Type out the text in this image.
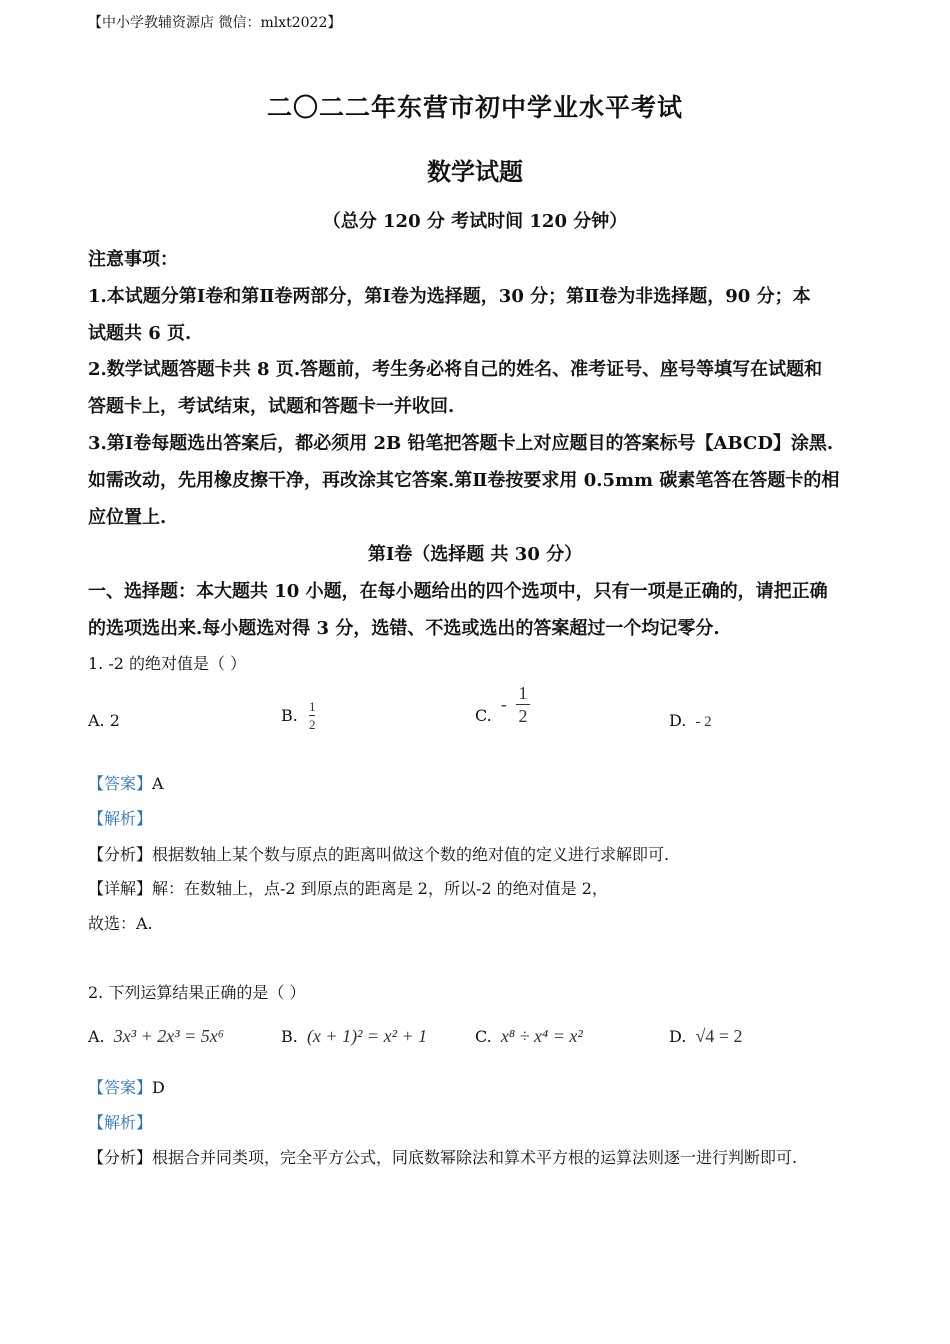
【中小学教辅资源店 微信：mlxt2022】
二〇二二年东营市初中学业水平考试
数学试题
（总分 120 分 考试时间 120 分钟）
注意事项：
1.本试题分第Ⅰ卷和第Ⅱ卷两部分，第Ⅰ卷为选择题，30 分；第Ⅱ卷为非选择题，90 分；本
试题共 6 页.
2.数学试题答题卡共 8 页.答题前，考生务必将自己的姓名、准考证号、座号等填写在试题和
答题卡上，考试结束，试题和答题卡一并收回.
3.第Ⅰ卷每题选出答案后，都必须用 2B 铅笔把答题卡上对应题目的答案标号【ABCD】涂黑.
如需改动，先用橡皮擦干净，再改涂其它答案.第Ⅱ卷按要求用 0.5mm 碳素笔答在答题卡的相
应位置上.
第Ⅰ卷（选择题 共 30 分）
一、选择题：本大题共 10 小题，在每小题给出的四个选项中，只有一项是正确的，请把正确
的选项选出来.每小题选对得 3 分，选错、不选或选出的答案超过一个均记零分.
1. -2 的绝对值是（ ）
A. 2	B. $\frac{1}{2}$	C. - $\frac{1}{2}$	D. - 2
【答案】A
【解析】
【分析】根据数轴上某个数与原点的距离叫做这个数的绝对值的定义进行求解即可.
【详解】解：在数轴上，点-2 到原点的距离是 2，所以-2 的绝对值是 2，
故选：A.
2. 下列运算结果正确的是（ ）
A. 3x³ + 2x³ = 5x⁶	B. (x + 1)² = x² + 1	C. x⁸ ÷ x⁴ = x²	D. √4 = 2
【答案】D
【解析】
【分析】根据合并同类项，完全平方公式，同底数幂除法和算术平方根的运算法则逐一进行判断即可.
